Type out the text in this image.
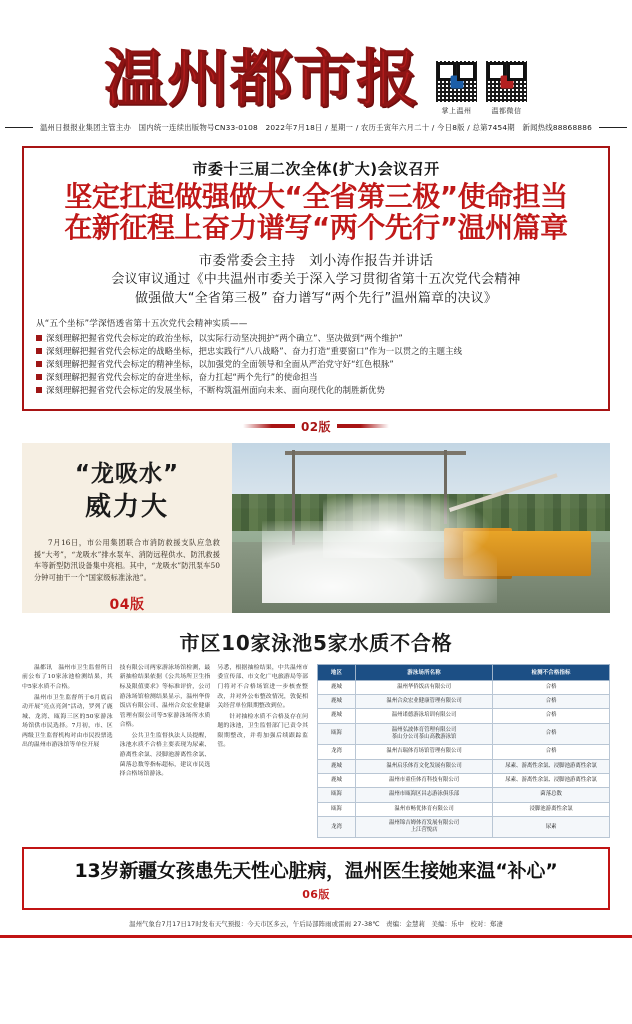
温州都市报	掌上温州	温都微信
温州日报报业集团主管主办　国内统一连续出版物号CN33-0108　2022年7月18日 / 星期一 / 农历壬寅年六月二十 / 今日8版 / 总第7454期　新闻热线88868886
市委十三届二次全体(扩大)会议召开
坚定扛起做强做大“全省第三极”使命担当
在新征程上奋力谱写“两个先行”温州篇章
市委常委会主持　刘小涛作报告并讲话
会议审议通过《中共温州市委关于深入学习贯彻省第十五次党代会精神
做强做大“全省第三极” 奋力谱写“两个先行”温州篇章的决议》
从“五个坐标”学深悟透省第十五次党代会精神实质——
深刻理解把握省党代会标定的政治坐标，以实际行动坚决拥护“两个确立”、坚决做到“两个维护”
深刻理解把握省党代会标定的战略坐标，把忠实践行“八八战略”、奋力打造“重要窗口”作为一以贯之的主题主线
深刻理解把握省党代会标定的精神坐标，以加强党的全面领导和全面从严治党守好“红色根脉”
深刻理解把握省党代会标定的奋进坐标，奋力扛起“两个先行”的使命担当
深刻理解把握省党代会标定的发展坐标，不断构筑温州面向未来、面向现代化的制胜新优势
02版
“龙吸水”
威力大
7月16日，市公用集团联合市消防救援支队应急救援“大考”，“龙吸水”排水泵车、消防远程供水、防汛救援车等新型防汛设备集中亮相。其中，“龙吸水”防汛泵车50分钟可抽干一个“国家级标准泳池”。
04版
市区10家泳池5家水质不合格

温都讯　温州市卫生监督所日前公布了10家泳池检测结果，其中5家水质不合格。

温州市卫生监督所于6月底启动开展“亮点亮剑”活动，罗列了鹿城、龙湾、瓯海三区的50家游泳场馆供市民选择。7月初，市、区两级卫生监督机构对由市民投票选出的温州市游泳馆等单位开展

技有限公司两家游泳场馆检测，最新抽检结果依据《公共场所卫生指标及限值要求》等标准评价，公司游泳场馆检测结果显示，温州华侨饭店有限公司、温州合众宏业健康管理有限公司等5家游泳场所水质合格。

公共卫生监督执法人员提醒，泳池水质不合格主要表现为尿素、游离性余氯、浸脚池游离性余氯、菌落总数等指标超标，建议市民选择合格场馆游泳。

另悉，根据抽检结果，中共温州市委宣传部、市文化广电旅游局等部门将对不合格场馆进一步核查整改，并对外公布整改情况，敦促相关经营单位限期整改到位。

针对抽检水质不合格及存在问题的泳池，卫生监督部门已责令其限期整改，并将加强后续跟踪监管。

地区	游泳场所名称	检测不合格指标
鹿城	温州华侨饭店有限公司	合格
鹿城	温州合众宏业健康管理有限公司	合格
鹿城	温州诺德游泳培训有限公司	合格
瓯海	温州弘波体育管理有限公司
茶山分公司茶山高教游泳馆	合格
龙湾	温州吉瑞体育场馆管理有限公司	合格
鹿城	温州启乐体育文化发展有限公司	尿素、游离性余氯、浸脚池游离性余氯
鹿城	温州市童佳体育科技有限公司	尿素、游离性余氯、浸脚池游离性余氯
瓯海	温州市瓯海区昌志游泳俱乐部	菌落总数
瓯海	温州市畅优体育有限公司	浸脚池游离性余氯
龙湾	温州锦吉姆体育发展有限公司
上江营悦店	尿素
13岁新疆女孩患先天性心脏病，温州医生接她来温“补心”
06版
温州气象台7月17日17时发布天气预报：今天市区多云，午后局部阵雨或雷雨 27-38℃　责编：金慧莉　美编：乐中　校对：郑凄
